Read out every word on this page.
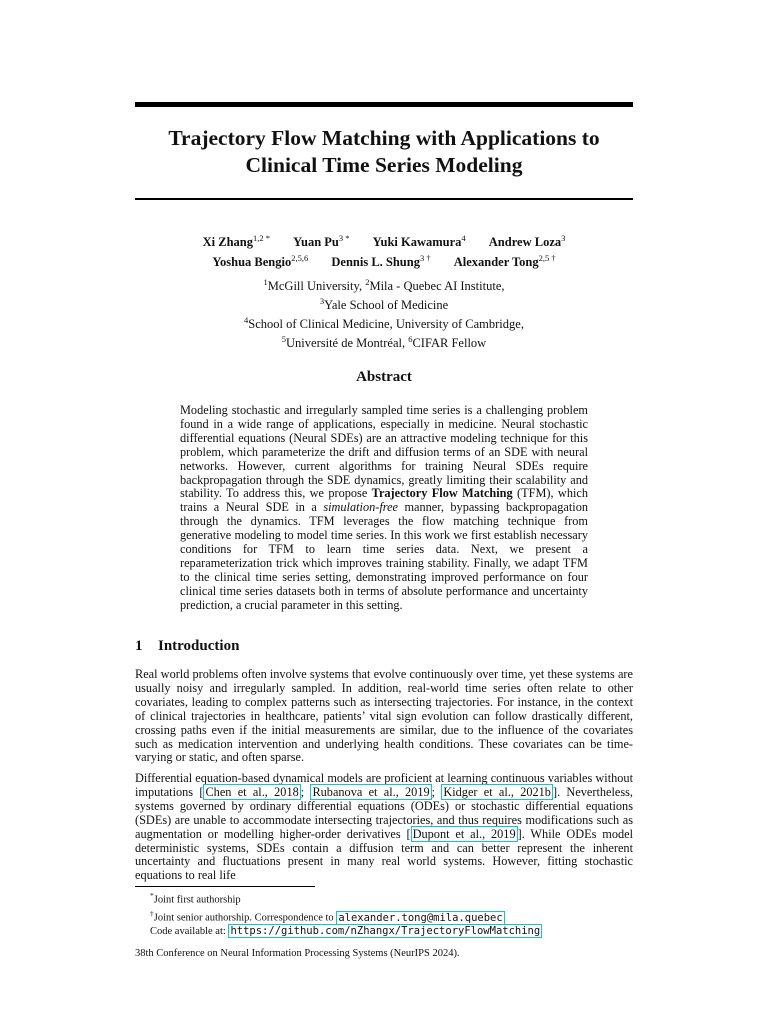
Trajectory Flow Matching with Applications to
Clinical Time Series Modeling
Xi Zhang$^{1,2 *}$ Yuan $Pu^{3 *}$ Yuki Kawamura$^4$ Andrew Loza$^3$
Yoshua Bengio$^{2,5,6}$ Dennis L. Shung$^{3 \dagger}$ Alexander Tong$^{2,5 \dagger}$
$^1$McGill University, $^2$Mila - Quebec AI Institute,
$^3$Yale School of Medicine
$^4$School of Clinical Medicine, University of Cambridge,
$^5$Université de Montréal, $^6$CIFAR Fellow
Abstract

Modeling stochastic and irregularly sampled time series is a challenging problem found in a wide range of applications, especially in medicine. Neural stochastic differential equations (Neural SDEs) are an attractive modeling technique for this problem, which parameterize the drift and diffusion terms of an SDE with neural networks. However, current algorithms for training Neural SDEs require backpropagation through the SDE dynamics, greatly limiting their scalability and stability. To address this, we propose Trajectory Flow Matching (TFM), which trains a Neural SDE in a simulation-free manner, bypassing backpropagation through the dynamics. TFM leverages the flow matching technique from generative modeling to model time series. In this work we first establish necessary conditions for TFM to learn time series data. Next, we present a reparameterization trick which improves training stability. Finally, we adapt TFM to the clinical time series setting, demonstrating improved performance on four clinical time series datasets both in terms of absolute performance and uncertainty prediction, a crucial parameter in this setting.

1 Introduction

Real world problems often involve systems that evolve continuously over time, yet these systems are usually noisy and irregularly sampled. In addition, real-world time series often relate to other covariates, leading to complex patterns such as intersecting trajectories. For instance, in the context of clinical trajectories in healthcare, patients’ vital sign evolution can follow drastically different, crossing paths even if the initial measurements are similar, due to the influence of the covariates such as medication intervention and underlying health conditions. These covariates can be time-varying or static, and often sparse.

Differential equation-based dynamical models are proficient at learning continuous variables without imputations [ Chen et al., 2018 ; Rubanova et al., 2019 ; Kidger et al., 2021b ]. Nevertheless, systems governed by ordinary differential equations (ODEs) or stochastic differential equations (SDEs) are unable to accommodate intersecting trajectories, and thus requires modifications such as augmentation or modelling higher-order derivatives [ Dupont et al., 2019 ]. While ODEs model deterministic systems, SDEs contain a diffusion term and can better represent the inherent uncertainty and fluctuations present in many real world systems. However, fitting stochastic equations to real life

*Joint first authorship
†Joint senior authorship. Correspondence to alexander.tong@mila.quebec
Code available at: https://github.com/nZhangx/TrajectoryFlowMatching
38th Conference on Neural Information Processing Systems (NeurIPS 2024).
